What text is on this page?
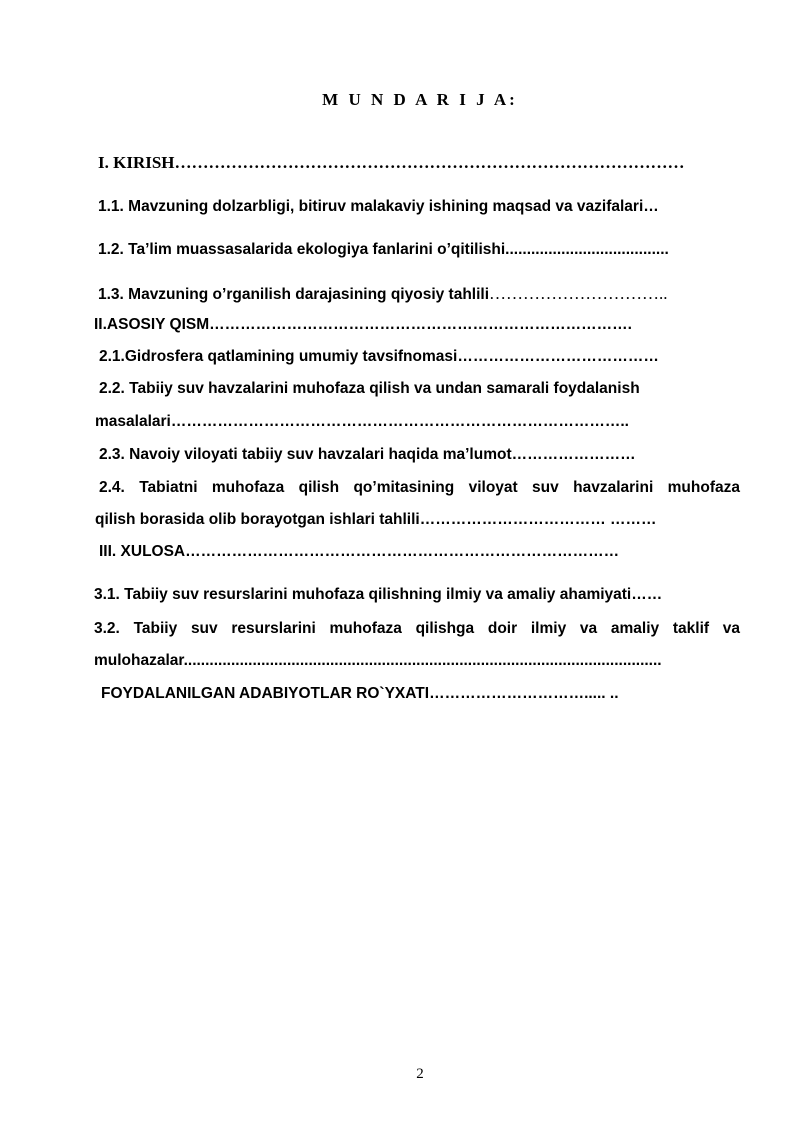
M U N D A R I J A:
I. KIRISH………………………………………………………………………………
1.1. Mavzuning dolzarbligi, bitiruv malakaviy ishining maqsad va vazifalari…
1.2. Ta’lim muassasalarida ekologiya fanlarini o’qitilishi......................................
1.3. Mavzuning o’rganilish darajasining qiyosiy tahlili…………………………..
II.ASOSIY QISM……………………………………………………………………….
2.1.Gidrosfera qatlamining umumiy tavsifnomasi…………………………………
2.2. Tabiiy suv havzalarini muhofaza qilish va undan samarali foydalanish
masalalari……………………………………………………………………………..
2.3. Navoiy viloyati tabiiy suv havzalari haqida ma’lumot……………………
2.4. Tabiatni muhofaza qilish qo’mitasining viloyat suv havzalarini muhofaza
qilish borasida olib borayotgan ishlari tahlili……………………………… ………
III. XULOSA…………………………………………………………………………
3.1. Tabiiy suv resurslarini muhofaza qilishning ilmiy va amaliy ahamiyati……
3.2. Tabiiy suv resurslarini muhofaza qilishga doir ilmiy va amaliy taklif va
mulohazalar...............................................................................................................
FOYDALANILGAN ADABIYOTLAR RO`YXATI…………………………..... ..
2
